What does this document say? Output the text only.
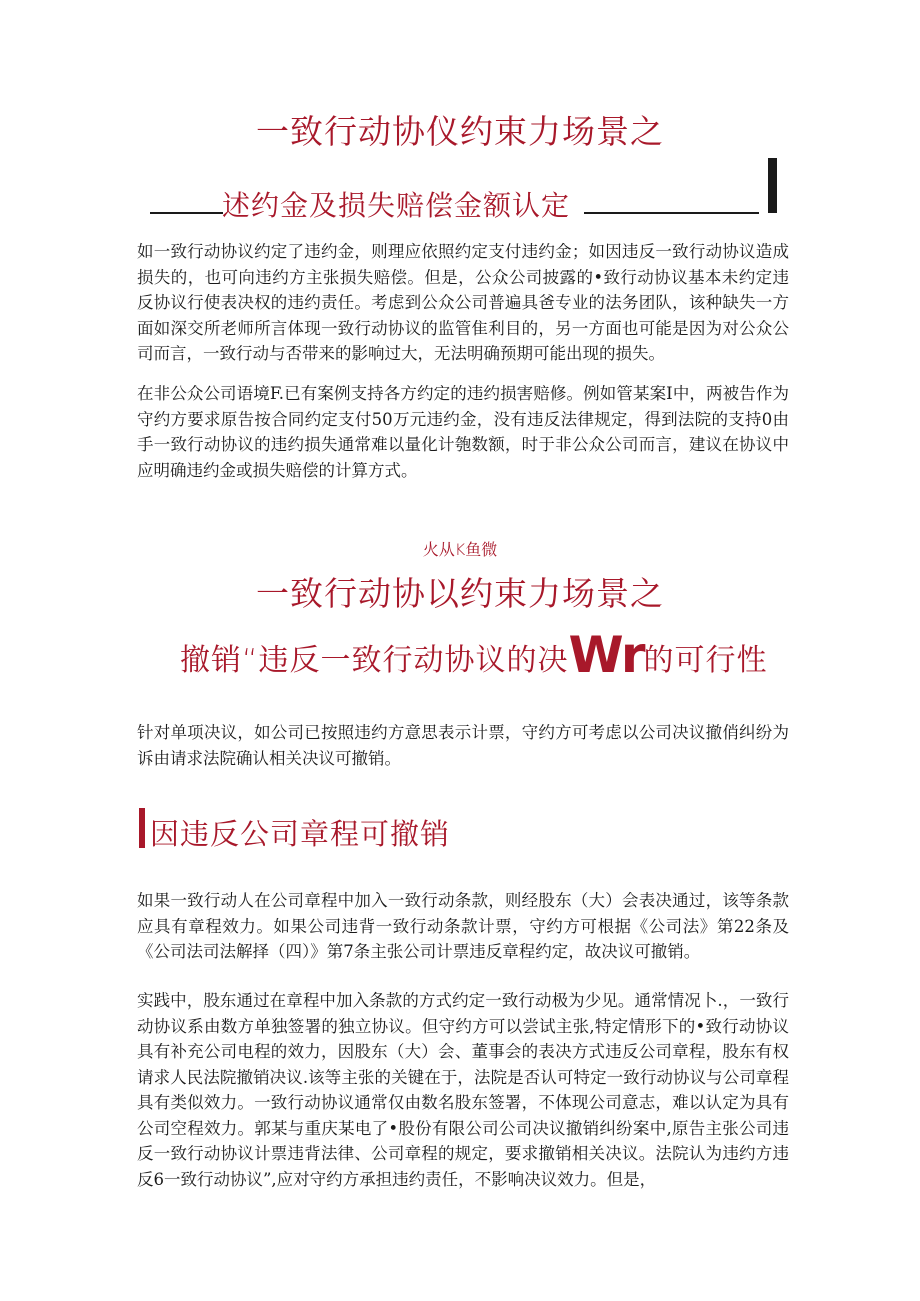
一致行动协仪约束力场景之
述约金及损失赔偿金额认定

如一致行动协议约定了违约金，则理应依照约定支付违约金；如因违反一致行动协议造成损失的，也可向违约方主张损失赔偿。但是，公众公司披露的•致行动协议基本未约定违反协议行使表决权的违约责任。考虑到公众公司普遍具爸专业的法务团队，该种缺失一方面如深交所老师所言体现一致行动协议的监管隹利目的，另一方面也可能是因为对公众公司而言，一致行动与否带来的影响过大，无法明确预期可能出现的损失。

在非公众公司语境F.已有案例支持各方约定的违约损害赔修。例如管某案I中，两被告作为守约方要求原告按合同约定支付50万元违约金，没有违反法律规定，得到法院的支持0由手一致行动协议的违约损失通常难以量化计匏数额，时于非公众公司而言，建议在协议中应明确违约金或损失赔偿的计算方式。

火从K鱼微
一致行动协以约束力场景之
撤销“违反一致行动协议的决Wr的可行性

针对单项决议，如公司已按照违约方意思表示计票，守约方可考虑以公司决议撤俏纠纷为诉由请求法院确认相关决议可撤销。

因违反公司章程可撤销

如果一致行动人在公司章程中加入一致行动条款，则经股东（大）会表决通过，该等条款应具有章程效力。如果公司违背一致行动条款计票，守约方可根据《公司法》第22条及《公司法司法解择（四）》第7条主张公司计票违反章程约定，故决议可撤销。

实践中，股东通过在章程中加入条款的方式约定一致行动极为少见。通常情况卜.，一致行动协议系由数方单独签署的独立协议。但守约方可以尝试主张,特定情形下的•致行动协议具有补充公司电程的效力，因股东（大）会、董事会的表决方式违反公司章程，股东有权请求人民法院撤销决议.该等主张的关键在于，法院是否认可特定一致行动协议与公司章程具有类似效力。一致行动协议通常仅由数名股东签署，不体现公司意志，难以认定为具有公司空程效力。郭某与重庆某电了•股份有限公司公司决议撤销纠纷案中,原告主张公司违反一致行动协议计票违背法律、公司章程的规定，要求撤销相关决议。法院认为违约方违反6一致行动协议”,应对守约方承担违约责任，不影响决议效力。但是，
